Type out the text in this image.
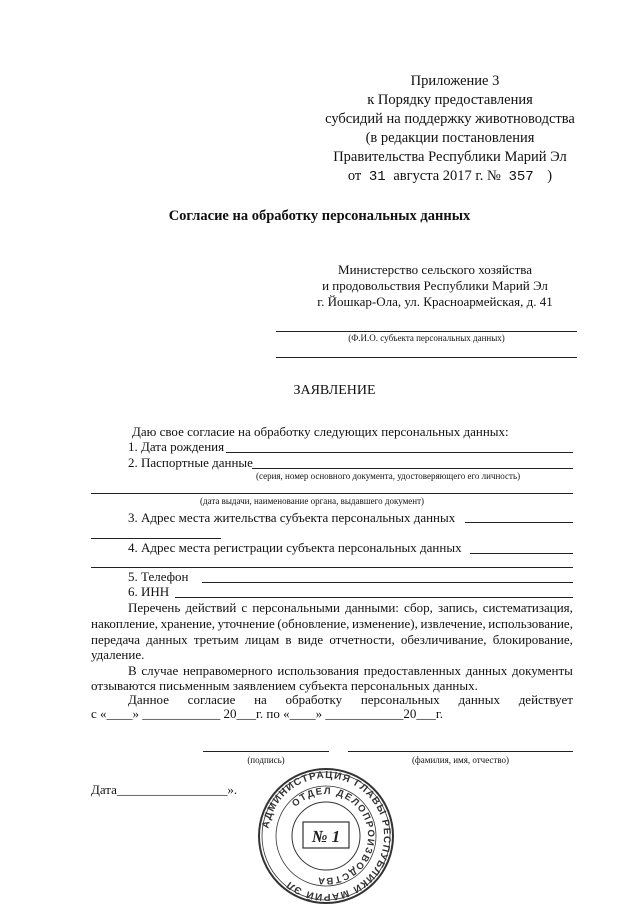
Приложение 3
к Порядку предоставления
субсидий на поддержку животноводства
(в редакции постановления
Правительства Республики Марий Эл
от 31 августа 2017 г. № 357 )
Согласие на обработку персональных данных
Министерство сельского хозяйства
и продовольствия Республики Марий Эл
г. Йошкар-Ола, ул. Красноармейская, д. 41
(Ф.И.О. субъекта персональных данных)
ЗАЯВЛЕНИЕ
Даю свое согласие на обработку следующих персональных данных:
1. Дата рождения
2. Паспортные данные
(серия, номер основного документа, удостоверяющего его личность)
(дата выдачи, наименование органа, выдавшего документ)
3. Адрес места жительства субъекта персональных данных
4. Адрес места регистрации субъекта персональных данных
5. Телефон
6. ИНН
Перечень действий с персональными данными: сбор, запись, систематизация,
накопление, хранение, уточнение (обновление, изменение), извлечение, использование,
передача данных третьим лицам в виде отчетности, обезличивание, блокирование,
удаление.
В случае неправомерного использования предоставленных данных документы
отзываются письменным заявлением субъекта персональных данных.
Данное согласие на обработку персональных данных действует
с «____» ____________ 20___г. по «____» ____________20___г.
(подпись)	(фамилия, имя, отчество)
Дата_________________».
АДМИНИСТРАЦИЯ ГЛАВЫ РЕСПУБЛИКИ МАРИЙ ЭЛ
ОТДЕЛ ДЕЛОПРОИЗВОДСТВА
№ 1
